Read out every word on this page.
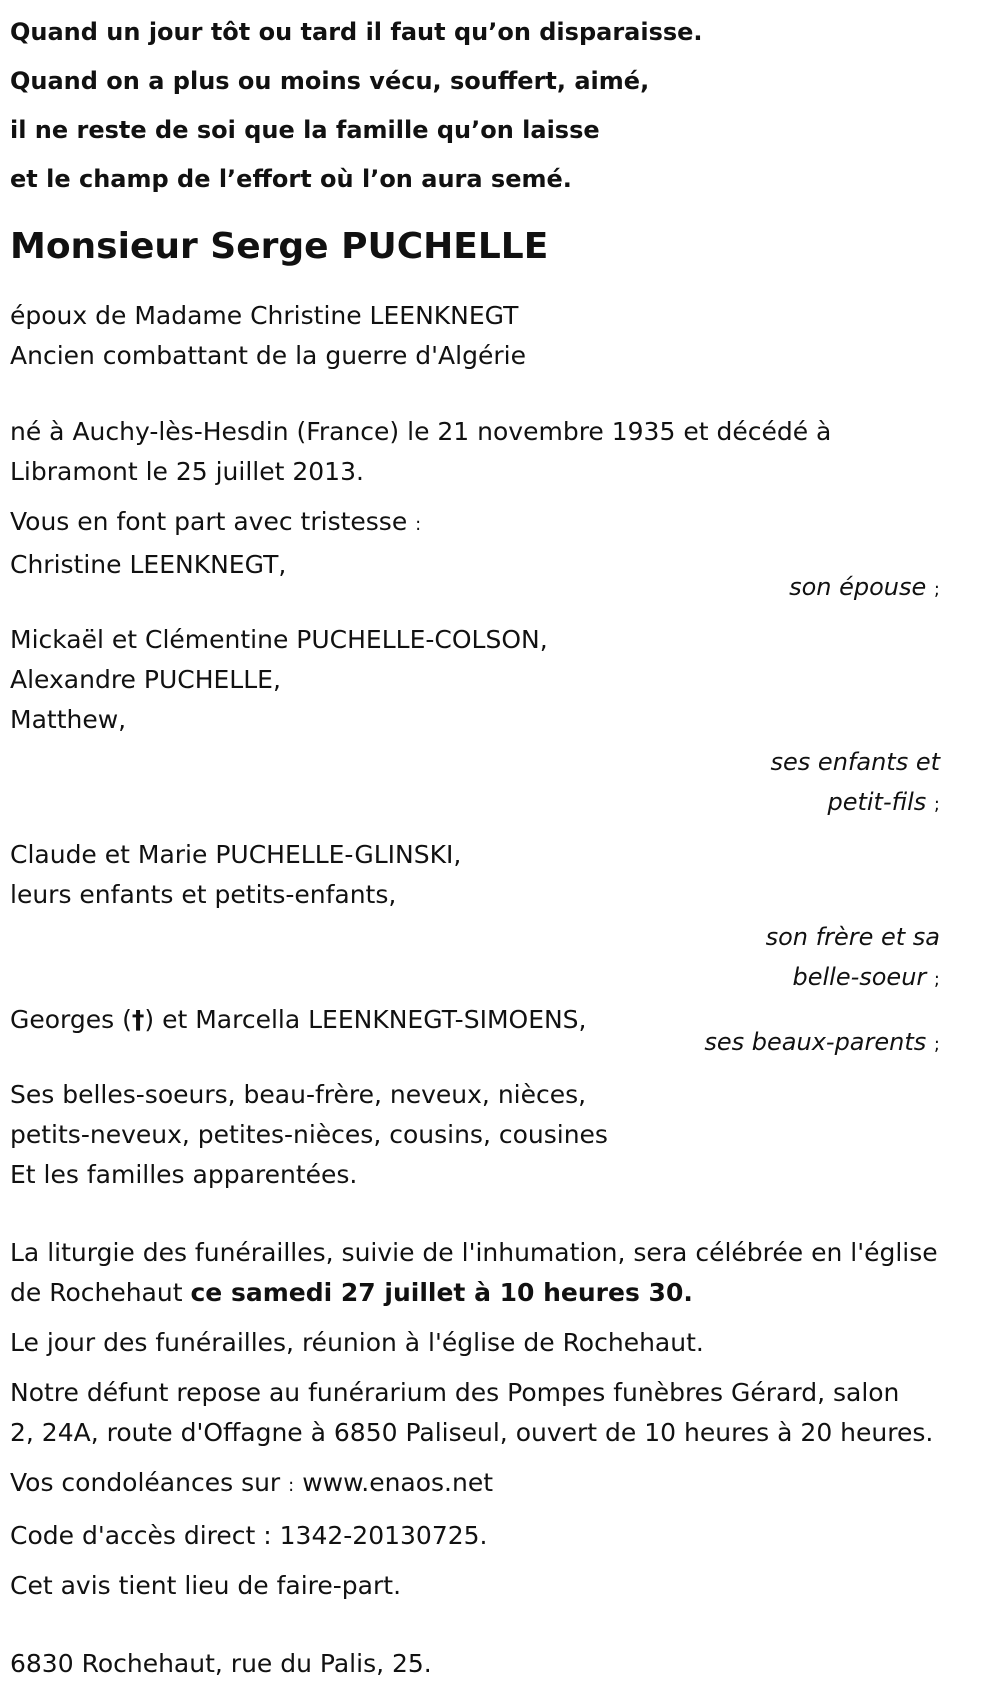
Quand un jour tôt ou tard il faut qu’on disparaisse.
Quand on a plus ou moins vécu, souffert, aimé,
il ne reste de soi que la famille qu’on laisse
et le champ de l’effort où l’on aura semé.
Monsieur Serge PUCHELLE
époux de Madame Christine LEENKNEGT
Ancien combattant de la guerre d'Algérie
né à Auchy-lès-Hesdin (France) le 21 novembre 1935 et décédé à
Libramont le 25 juillet 2013.
Vous en font part avec tristesse :
Christine LEENKNEGT,
son épouse ;
Mickaël et Clémentine PUCHELLE-COLSON,
Alexandre PUCHELLE,
Matthew,
ses enfants et
petit-fils ;
Claude et Marie PUCHELLE-GLINSKI,
leurs enfants et petits-enfants,
son frère et sa
belle-soeur ;
Georges (†) et Marcella LEENKNEGT-SIMOENS,
ses beaux-parents ;
Ses belles-soeurs, beau-frère, neveux, nièces,
petits-neveux, petites-nièces, cousins, cousines
Et les familles apparentées.
La liturgie des funérailles, suivie de l'inhumation, sera célébrée en l'église
de Rochehaut ce samedi 27 juillet à 10 heures 30.
Le jour des funérailles, réunion à l'église de Rochehaut.
Notre défunt repose au funérarium des Pompes funèbres Gérard, salon
2, 24A, route d'Offagne à 6850 Paliseul, ouvert de 10 heures à 20 heures.
Vos condoléances sur : www.enaos.net
Code d'accès direct : 1342-20130725.
Cet avis tient lieu de faire-part.
6830 Rochehaut, rue du Palis, 25.
